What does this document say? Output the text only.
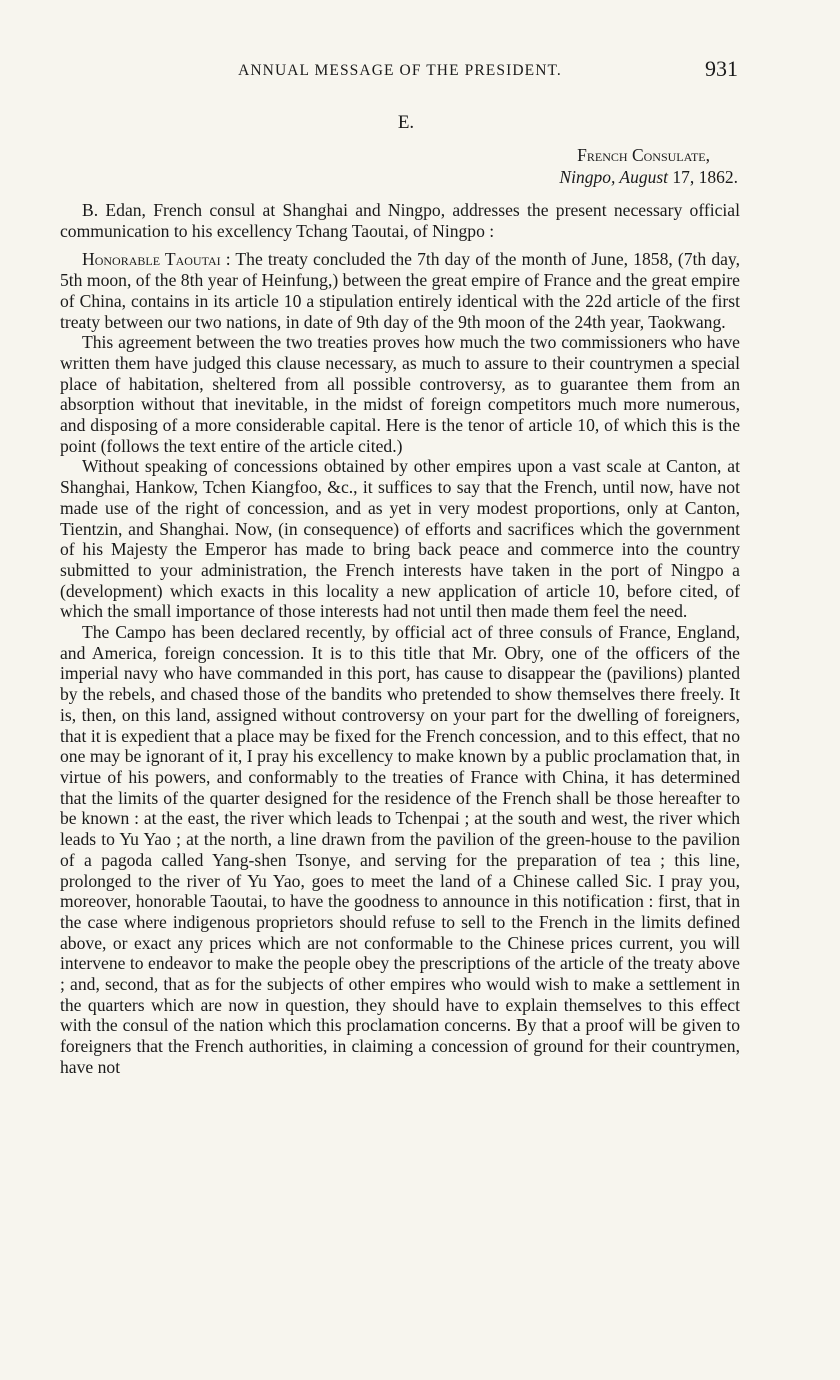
ANNUAL MESSAGE OF THE PRESIDENT.	931
E.
French Consulate,
Ningpo, August 17, 1862.

B. Edan, French consul at Shanghai and Ningpo, addresses the present necessary official communication to his excellency Tchang Taoutai, of Ningpo :

Honorable Taoutai : The treaty concluded the 7th day of the month of June, 1858, (7th day, 5th moon, of the 8th year of Heinfung,) between the great empire of France and the great empire of China, contains in its article 10 a stipulation entirely identical with the 22d article of the first treaty between our two nations, in date of 9th day of the 9th moon of the 24th year, Taokwang.

This agreement between the two treaties proves how much the two commissioners who have written them have judged this clause necessary, as much to assure to their countrymen a special place of habitation, sheltered from all possible controversy, as to guarantee them from an absorption without that inevitable, in the midst of foreign competitors much more numerous, and disposing of a more considerable capital. Here is the tenor of article 10, of which this is the point (follows the text entire of the article cited.)

Without speaking of concessions obtained by other empires upon a vast scale at Canton, at Shanghai, Hankow, Tchen Kiangfoo, &c., it suffices to say that the French, until now, have not made use of the right of concession, and as yet in very modest proportions, only at Canton, Tientzin, and Shanghai. Now, (in consequence) of efforts and sacrifices which the government of his Majesty the Emperor has made to bring back peace and commerce into the country submitted to your administration, the French interests have taken in the port of Ningpo a (development) which exacts in this locality a new application of article 10, before cited, of which the small importance of those interests had not until then made them feel the need.

The Campo has been declared recently, by official act of three consuls of France, England, and America, foreign concession. It is to this title that Mr. Obry, one of the officers of the imperial navy who have commanded in this port, has cause to disappear the (pavilions) planted by the rebels, and chased those of the bandits who pretended to show themselves there freely. It is, then, on this land, assigned without controversy on your part for the dwelling of foreigners, that it is expedient that a place may be fixed for the French concession, and to this effect, that no one may be ignorant of it, I pray his excellency to make known by a public proclamation that, in virtue of his powers, and conformably to the treaties of France with China, it has determined that the limits of the quarter designed for the residence of the French shall be those hereafter to be known : at the east, the river which leads to Tchenpai ; at the south and west, the river which leads to Yu Yao ; at the north, a line drawn from the pavilion of the green-house to the pavilion of a pagoda called Yang-shen Tsonye, and serving for the preparation of tea ; this line, prolonged to the river of Yu Yao, goes to meet the land of a Chinese called Sic. I pray you, moreover, honorable Taoutai, to have the goodness to announce in this notification : first, that in the case where indigenous proprietors should refuse to sell to the French in the limits defined above, or exact any prices which are not conformable to the Chinese prices current, you will intervene to endeavor to make the people obey the prescriptions of the article of the treaty above ; and, second, that as for the subjects of other empires who would wish to make a settlement in the quarters which are now in question, they should have to explain themselves to this effect with the consul of the nation which this proclamation concerns. By that a proof will be given to foreigners that the French authorities, in claiming a concession of ground for their countrymen, have not
